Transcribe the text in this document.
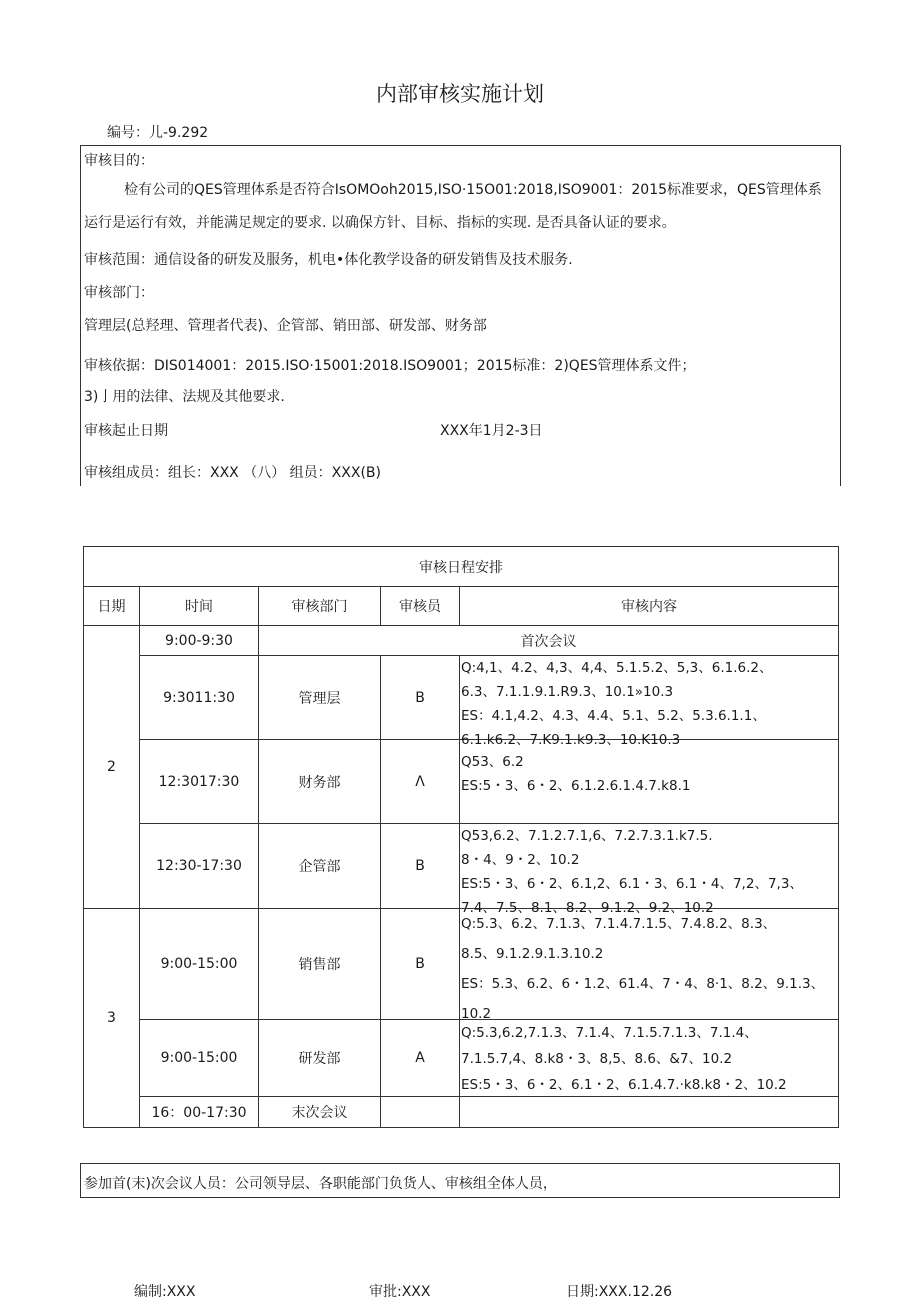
内部审核实施计划
编号：儿-9.292
审核目的：
检有公司的QES管理体系是否符合IsOMOoh2015,ISO·15O01:2018,ISO9001：2015标准要求，QES管理体系
运行是运行有效，并能满足规定的要求. 以确保方针、目标、指标的实现. 是否具备认证的要求。
审核范围：通信设备的研发及服务，机电•体化教学设备的研发销售及技术服务.
审核部门：
管理层(总羟理、管理者代表)、企管部、销田部、研发部、财务部
审核依据：DIS014001：2015.ISO·15001:2018.ISO9001；2015标准：2)QES管理体系文件；
3)亅用的法律、法规及其他要求.
审核起止日期	XXX年1月2-3日
审核组成员：组长：XXX （八） 组员：XXX(B)
审核日程安排				
日期	时间	审核部门	审核员	审核内容
2	9:00-9:30	首次会议		
	9:3011:30	管理层	B	Q:4,1、4.2、4,3、4,4、5.1.5.2、5,3、6.1.6.2、
6.3、7.1.1.9.1.R9.3、10.1»10.3
ES：4.1,4.2、4.3、4.4、5.1、5.2、5.3.6.1.1、
6.1.k6.2、7.K9.1.k9.3、10.K10.3

	12:3017:30	财务部	Λ	Q53、6.2
ES:5・3、6・2、6.1.2.6.1.4.7.k8.1

	12:30-17:30	企管部	B	Q53,6.2、7.1.2.7.1,6、7.2.7.3.1.k7.5.
8・4、9・2、10.2
ES:5・3、6・2、6.1,2、6.1・3、6.1・4、7,2、7,3、
7.4、7.5、8.1、8.2、9.1.2、9.2、10.2

3	9:00-15:00	销售部	B	Q:5.3、6.2、7.1.3、7.1.4.7.1.5、7.4.8.2、8.3、
8.5、9.1.2.9.1.3.10.2
ES：5.3、6.2、6・1.2、61.4、7・4、8·1、8.2、9.1.3、
10.2

	9:00-15:00	研发部	A	Q:5.3,6.2,7.1.3、7.1.4、7.1.5.7.1.3、7.1.4、
7.1.5.7,4、8.k8・3、8,5、8.6、&7、10.2
ES:5・3、6・2、6.1・2、6.1.4.7.·k8.k8・2、10.2

	16：00-17:30	末次会议		
参加首(末)次会议人员：公司领导层、各职能部门负货人、审核组全体人员，
编制:XXX	审批:XXX	日期:XXX.12.26
